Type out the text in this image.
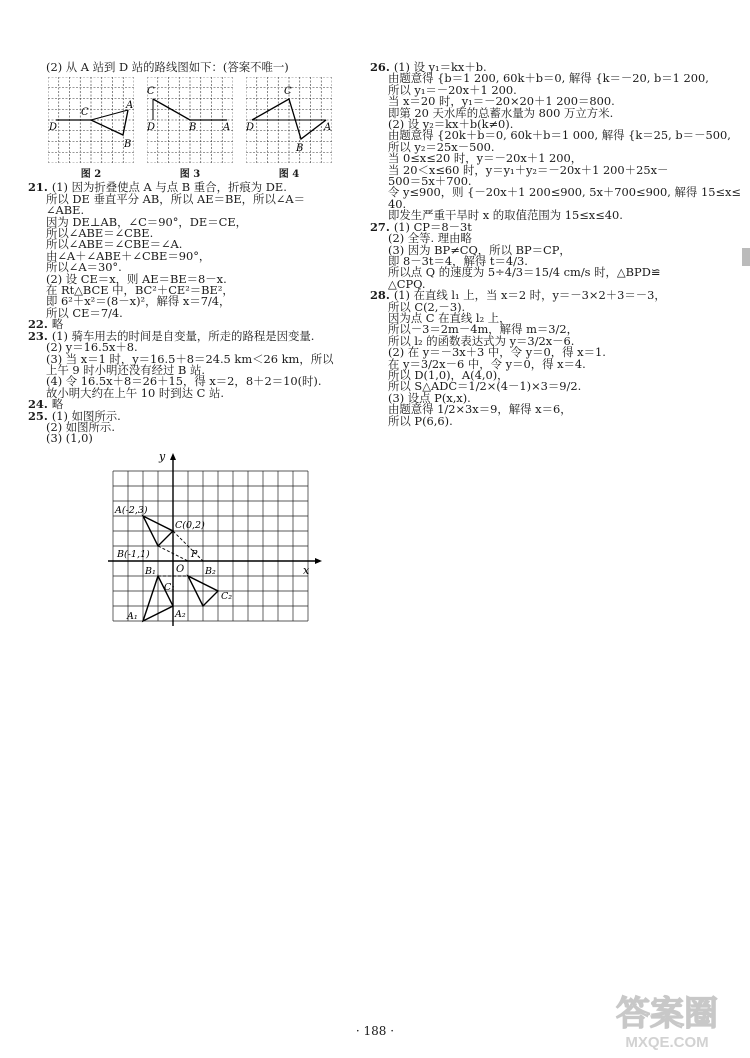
(2) 从 A 站到 D 站的路线图如下：(答案不唯一)

D
C
A
B
图 2
C
D	B	A
图 3
C
D
B
A
图 4

21. (1) 因为折叠使点 A 与点 B 重合，折痕为 DE.

所以 DE 垂直平分 AB，所以 AE＝BE，所以∠A＝

∠ABE.

因为 DE⊥AB，∠C＝90°，DE＝CE，

所以∠ABE＝∠CBE.

所以∠ABE＝∠CBE＝∠A.

由∠A＋∠ABE＋∠CBE＝90°，

所以∠A＝30°.

(2) 设 CE＝x，则 AE＝BE＝8－x.

在 Rt△BCE 中，BC²＋CE²＝BE²，

即 6²＋x²＝(8－x)²，解得 x＝7/4，

所以 CE＝7/4.

22. 略

23. (1) 骑车用去的时间是自变量，所走的路程是因变量.

(2) y＝16.5x＋8.

(3) 当 x＝1 时，y＝16.5＋8＝24.5 km＜26 km，所以

上午 9 时小明还没有经过 B 站.

(4) 令 16.5x＋8＝26＋15，得 x＝2，8＋2＝10(时).

故小明大约在上午 10 时到达 C 站.

24. 略

25. (1) 如图所示.

(2) 如图所示.

(3) (1,0)

y
x
O
A(-2,3)
C(0,2)
B(-1,1)	P
B₁
C₁
B₂
C₂
A₁	A₂

26. (1) 设 y₁＝kx＋b.

由题意得 {b＝1 200, 60k＋b＝0, 解得 {k＝－20, b＝1 200,

所以 y₁＝－20x＋1 200.

当 x＝20 时，y₁＝－20×20＋1 200＝800.

即第 20 天水库的总蓄水量为 800 万立方米.

(2) 设 y₂＝kx＋b(k≠0).

由题意得 {20k＋b＝0, 60k＋b＝1 000, 解得 {k＝25, b＝－500,

所以 y₂＝25x－500.

当 0≤x≤20 时，y＝－20x＋1 200，

当 20＜x≤60 时，y＝y₁＋y₂＝－20x＋1 200＋25x－

500＝5x＋700.

令 y≤900，则 {－20x＋1 200≤900, 5x＋700≤900, 解得 15≤x≤

40.

即发生严重干旱时 x 的取值范围为 15≤x≤40.

27. (1) CP＝8－3t

(2) 全等. 理由略

(3) 因为 BP≠CQ，所以 BP＝CP，

即 8－3t＝4，解得 t＝4/3.

所以点 Q 的速度为 5÷4/3＝15/4 cm/s 时，△BPD≌

△CPQ.

28. (1) 在直线 l₁ 上，当 x＝2 时，y＝－3×2＋3＝－3，

所以 C(2,－3).

因为点 C 在直线 l₂ 上，

所以－3＝2m－4m，解得 m＝3/2，

所以 l₂ 的函数表达式为 y＝3/2x－6.

(2) 在 y＝－3x＋3 中，令 y＝0，得 x＝1.

在 y＝3/2x－6 中，令 y＝0，得 x＝4.

所以 D(1,0)，A(4,0)，

所以 S△ADC＝1/2×(4－1)×3＝9/2.

(3) 设点 P(x,x).

由题意得 1/2×3x＝9，解得 x＝6，

所以 P(6,6).

· 188 ·	答案圈
MXQE.COM
